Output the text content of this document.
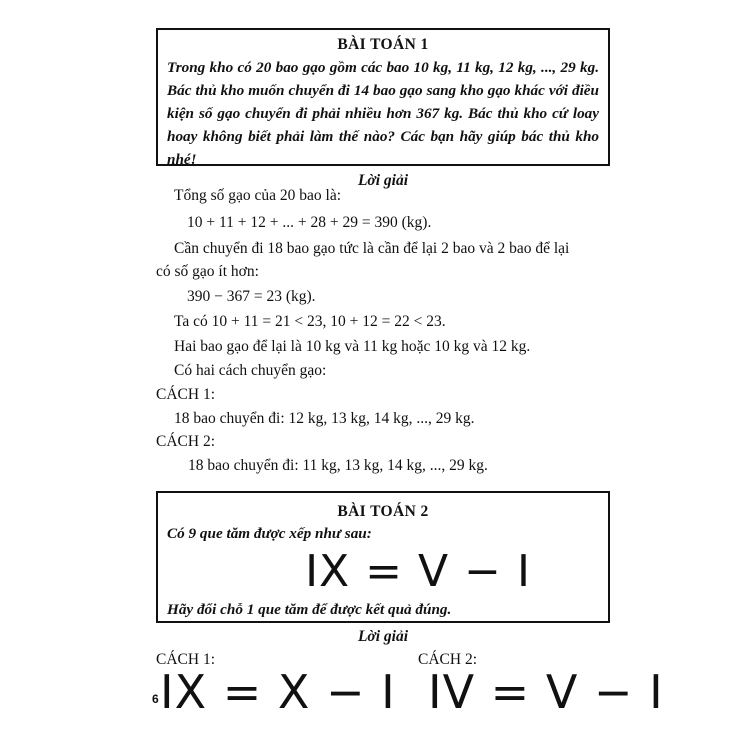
BÀI TOÁN 1

Trong kho có 20 bao gạo gồm các bao 10 kg, 11 kg, 12 kg, ..., 29 kg. Bác thủ kho muốn chuyển đi 14 bao gạo sang kho gạo khác với điều kiện số gạo chuyển đi phải nhiều hơn 367 kg. Bác thủ kho cứ loay hoay không biết phải làm thế nào? Các bạn hãy giúp bác thủ kho nhé!

Lời giải
Tổng số gạo của 20 bao là:
10 + 11 + 12 + ... + 28 + 29 = 390 (kg).
Cần chuyển đi 18 bao gạo tức là cần để lại 2 bao và 2 bao để lại
có số gạo ít hơn:
390 − 367 = 23 (kg).
Ta có 10 + 11 = 21 < 23, 10 + 12 = 22 < 23.
Hai bao gạo để lại là 10 kg và 11 kg hoặc 10 kg và 12 kg.
Có hai cách chuyển gạo:
CÁCH 1:
18 bao chuyển đi: 12 kg, 13 kg, 14 kg, ..., 29 kg.
CÁCH 2:
18 bao chuyển đi: 11 kg, 13 kg, 14 kg, ..., 29 kg.

BÀI TOÁN 2

Có 9 que tăm được xếp như sau:

IX = V − I

Hãy đổi chỗ 1 que tăm để được kết quả đúng.

Lời giải
CÁCH 1:	CÁCH 2:
IX = X − I IV = V − I
6
